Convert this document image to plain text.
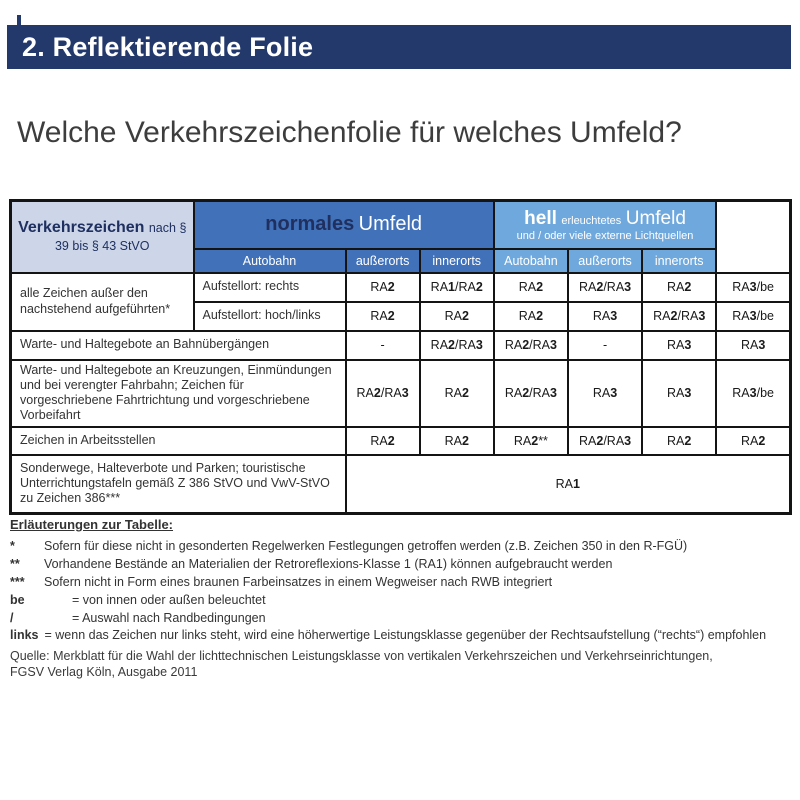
2. Reflektierende Folie
Welche Verkehrszeichenfolie für welches Umfeld?
Verkehrszeichen nach § 39 bis § 43 StVO	normales Umfeld			hell erleuchtetes Umfeld
und / oder viele externe Lichtquellen			

	Autobahn	außerorts	innerorts	Autobahn	außerorts	innerorts	
alle Zeichen außer den nachstehend aufgeführten*	Aufstellort: rechts	RA2	RA1/RA2	RA2	RA2/RA3	RA2	RA3/be
	Aufstellort: hoch/links	RA2	RA2	RA2	RA3	RA2/RA3	RA3/be
Warte- und Haltegebote an Bahnübergängen		-	RA2/RA3	RA2/RA3	-	RA3	RA3
Warte- und Haltegebote an Kreuzungen, Einmündungen und bei verengter Fahrbahn; Zeichen für vorgeschriebene Fahrtrichtung und vorgeschriebene Vorbeifahrt		RA2/RA3	RA2	RA2/RA3	RA3	RA3	RA3/be
Zeichen in Arbeitsstellen		RA2	RA2	RA2**	RA2/RA3	RA2	RA2
Sonderwege, Halteverbote und Parken; touristische Unterrichtungstafeln gemäß Z 386 StVO und VwV-StVO zu Zeichen 386***		RA1					
Erläuterungen zur Tabelle:
*	Sofern für diese nicht in gesonderten Regelwerken Festlegungen getroffen werden (z.B. Zeichen 350 in den R-FGÜ)
**	Vorhandene Bestände an Materialien der Retroreflexions-Klasse 1 (RA1) können aufgebraucht werden
***	Sofern nicht in Form eines braunen Farbeinsatzes in einem Wegweiser nach RWB integriert
be	= von innen oder außen beleuchtet
/	= Auswahl nach Randbedingungen
links = wenn das Zeichen nur links steht, wird eine höherwertige Leistungsklasse gegenüber der Rechtsaufstellung (“rechts“) empfohlen
Quelle: Merkblatt für die Wahl der lichttechnischen Leistungsklasse von vertikalen Verkehrszeichen und Verkehrseinrichtungen,
FGSV Verlag Köln, Ausgabe 2011
